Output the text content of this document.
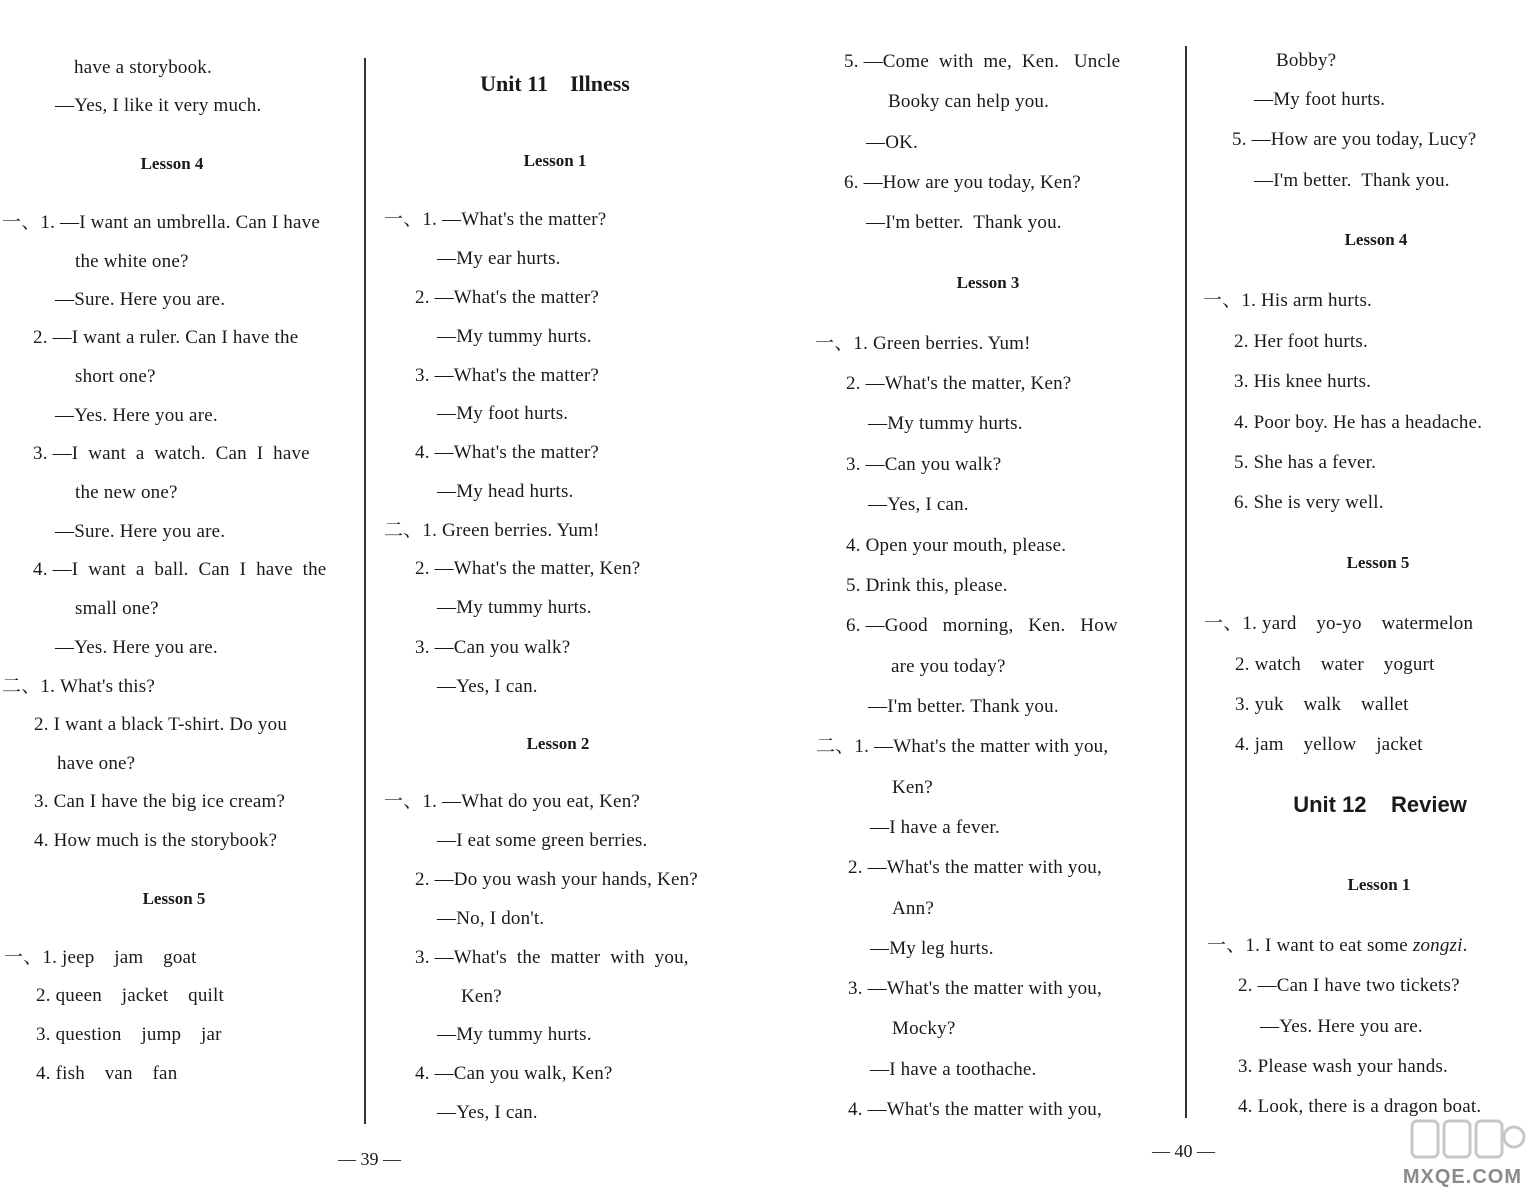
have a storybook.
—Yes, I like it very much.
Lesson 4
一、1. —I want an umbrella. Can I have
the white one?
—Sure. Here you are.
2. —I want a ruler. Can I have the
short one?
—Yes. Here you are.
3. —I  want  a  watch.  Can  I  have
the new one?
—Sure. Here you are.
4. —I  want  a  ball.  Can  I  have  the
small one?
—Yes. Here you are.
二、1. What's this?
2. I want a black T-shirt. Do you
have one?
3. Can I have the big ice cream?
4. How much is the storybook?
Lesson 5
一、1. jeep    jam    goat
2. queen    jacket    quilt
3. question    jump    jar
4. fish    van    fan
Unit 11    Illness
Lesson 1
一、1. —What's the matter?
—My ear hurts.
2. —What's the matter?
—My tummy hurts.
3. —What's the matter?
—My foot hurts.
4. —What's the matter?
—My head hurts.
二、1. Green berries. Yum!
2. —What's the matter, Ken?
—My tummy hurts.
3. —Can you walk?
—Yes, I can.
Lesson 2
一、1. —What do you eat, Ken?
—I eat some green berries.
2. —Do you wash your hands, Ken?
—No, I don't.
3. —What's  the  matter  with  you,
Ken?
—My tummy hurts.
4. —Can you walk, Ken?
—Yes, I can.
— 39 —
5. —Come  with  me,  Ken.   Uncle
Booky can help you.
—OK.
6. —How are you today, Ken?
—I'm better.  Thank you.
Lesson 3
一、1. Green berries. Yum!
2. —What's the matter, Ken?
—My tummy hurts.
3. —Can you walk?
—Yes, I can.
4. Open your mouth, please.
5. Drink this, please.
6. —Good   morning,   Ken.   How
are you today?
—I'm better. Thank you.
二、1. —What's the matter with you,
Ken?
—I have a fever.
2. —What's the matter with you,
Ann?
—My leg hurts.
3. —What's the matter with you,
Mocky?
—I have a toothache.
4. —What's the matter with you,
Bobby?
—My foot hurts.
5. —How are you today, Lucy?
—I'm better.  Thank you.
Lesson 4
一、1. His arm hurts.
2. Her foot hurts.
3. His knee hurts.
4. Poor boy. He has a headache.
5. She has a fever.
6. She is very well.
Lesson 5
一、1. yard    yo-yo    watermelon
2. watch    water    yogurt
3. yuk    walk    wallet
4. jam    yellow    jacket
Unit 12    Review
Lesson 1
一、1. I want to eat some zongzi.
2. —Can I have two tickets?
—Yes. Here you are.
3. Please wash your hands.
4. Look, there is a dragon boat.
— 40 —
MXQE.COM
